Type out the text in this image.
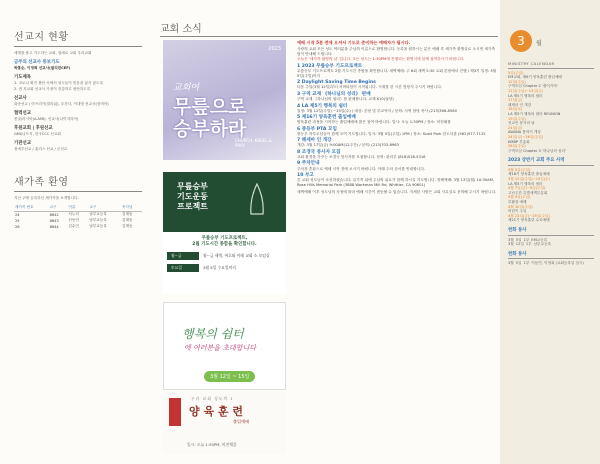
선교지 현황
세계를 품고 기도하는 교회, 열매로 교회 우리교회
금주의 선교사 중보기도
박홍순, 이정희 선교사(필리핀CEF)
기도제목
1. 코로나 확진 불안 속에서 성도들이 믿음을 잃지 않도록
2. 귀 지교회 선교사 가정이 건강하고 평안하도록
선교사
곽송선교 / 아프리카(말라위), 우간다, 이대영 선교사(잠비아)
협력선교
몽골/러시아(A.AMI), 선교사(나이지리아)
후원교회 | 후원선교
GMI/나프지, 한국CCC 선교회
기관선교
장애우선교 / 홈리스 선교 / 군선교
새가족 환영
지난 주에 등록하신 새가족을 소개합니다.
새가족 번호	교구	이름	교구	목사님
24	8642	서누리	남부교등록	김재동
25	8643	신동민	남부교등록	김재동
26	8644	김수인	남부교등록	김재동
교회 소식
2023
교회여
무릎으로
승부하라
CHURCH, KNEEL & PRAY
무릎승부
기도운동
프로젝트
무릎승부 기도프로젝트,
2월 기도시간 종합을 확인합니다.
월~금	월~금 새벽, 여호와 이레 교회 소 모임실
토요일	3월 5일 수요일까지
행복의 쉼터
에 여러분을 초대합니다
3월 12일 ~ 15일
우리 교회 성도의 1
양 육 훈 련
출입예배
일시: 오늘 1:30PM, 비전채플
예배 시작 5분 전에 오셔서 기도로 준비하는 예배자가 됩시다.
사랑의 교회 모든 성도 여러분을 주님의 이름으로 환영합니다. 등록을 원하시는 분은 예배 후 새가족 환영실로 오시면 새가족팀이 안내해 드립니다.
오늘은 '새가족 환영의 날' 입니다. 모든 성도는 1:30PM에 진행되는 환영식에 함께 참여하시기 바랍니다.
1 2023 무릎승부 기도프로젝트
무릎승부 기도프로젝트 2월 기도시간 종합을 확인합니다. 새벽예배: 주 6회 새벽 5:30 교회 본당에서 진행 / 제3기 일정: 3월 5일(주일)까지
2 Daylight Saving Time Begins
다음 주일(3월 12일)부터 서머타임이 시작됩니다. 시계를 한 시간 앞당겨 주시기 바랍니다.
3 구역 교재 《하나님의 성리》 판매
구역 교재 《하나님의 섭리》를 판매합니다. 교재 $10(권당)
4 LA 제5기 행복의 쉼터
일정: 3월 12일(주일) ~15일(수) / 대상: 본당 및 부교역자 / 문의: 사역 담당 목사 (213)366-8560
5 제16기 양육훈련 출입예배
양육훈련 과정을 시작하는 출입예배에 많은 참여 바랍니다. 일시: 오늘 1:30PM / 장소: 비전채플
6 중등부 PTA 모임
중등부 학부모님들이 함께 모여 기도합니다. 일시: 3월 5일(주일) 1PM / 장소: Scott Park 한도서관 (562)577-7132
7 헤세마 인 개강
개강: 3월 17일(금) 9:00AM(12주간) / 문의: (213)703-6963
8 조경국 봉사자 모집
교회 환경을 가꾸는 조경국 봉사자를 모집합니다. 문의: 관리부 (818)516-5316
9 주차안내
주차장 혼잡으로 예배 시작 전에 오시기 바랍니다. 아래 주차 순서를 안내합니다.
10 부고
본 교회 성도님이 소천하셨습니다. 유가족 위에 주님의 위로가 함께 하시길 기도합니다. 장례예배: 3월 13일(월) 10:30AM, Rose Hills Memorial Park (3888 Workman Mill Rd, Whittier, CA 90601)
새벽예배 이후 성도님의 사정에 따라 예배 시간이 변동될 수 있습니다. 자세한 사항은 교회 사무실로 문의해 주시기 바랍니다.
3	월
MINISTRY CALENDAR
5일(주일)
EM교회, 제6기 양육훈련 출입예배
12일(주일)
구역모임 Chapter 2 '출이기야'
12일(주일)~15일(수)
LA 제5기 행복의 쉼터
17일(금)
헤세마 인 개강
18일(토)
LA 제5기 행복의 쉼터 REUNION
19일(주일)
전교인 봉사의 날
24일(금)
AWANA 봄학기 개강
24일(금)~26일(주일)
KMBP 부흥회
26일(주일)
구역모임 Chapter 3 '하나님의 성리'
2023 상반기 교회 주요 사역
3월 5일(주일)
제16기 양육훈련 출입예배
3월 12일(주일)~15일(수)
LA 제5기 행복의 쉼터
4월 7일(금)~9일(주일)
고난주간 특별새벽부흥회
4월 9일(주일)
부활절 예배
4월 30일(주일)
어린이 주일
4월 23일(금)~25일(주일)
제21기 양육훈련 수료예배
헌화 봉사
3월 5일 1부 EM교등록
3월 12일 1부 남부교등록
헌화 봉사
3월 5일 1부 이동민, 이영희 (교회등록일 임시)
